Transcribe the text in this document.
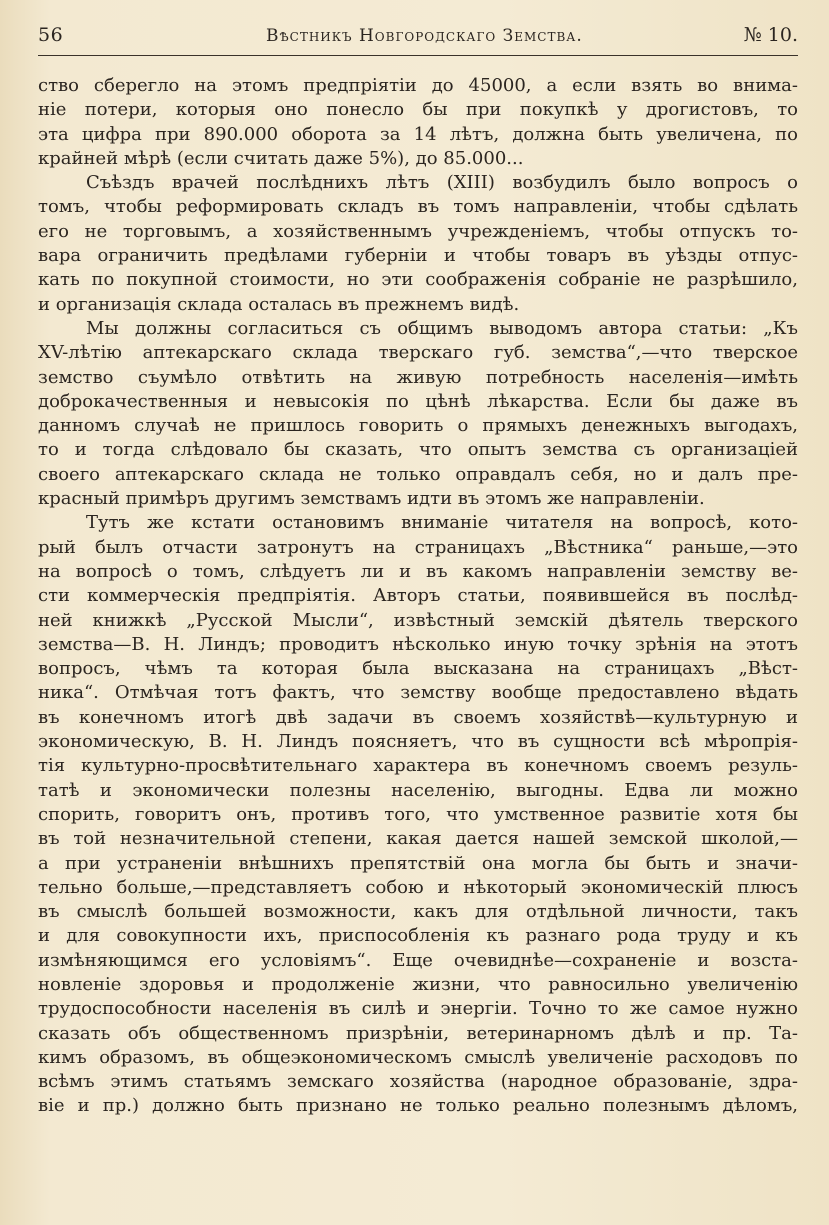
56	Вѣстникъ Новгородскаго Земства.	№ 10.
ство сберегло на этомъ предпріятіи до 45000, а если взять во внима-
ніе потери, которыя оно понесло бы при покупкѣ у дрогистовъ, то
эта цифра при 890.000 оборота за 14 лѣтъ, должна быть увеличена, по
крайней мѣрѣ (если считать даже 5%), до 85.000...
Съѣздъ врачей послѣднихъ лѣтъ (XIII) возбудилъ было вопросъ о
томъ, чтобы реформировать складъ въ томъ направленіи, чтобы сдѣлать
его не торговымъ, а хозяйственнымъ учрежденіемъ, чтобы отпускъ то-
вара ограничить предѣлами губерніи и чтобы товаръ въ уѣзды отпус-
кать по покупной стоимости, но эти соображенія собраніе не разрѣшило,
и организація склада осталась въ прежнемъ видѣ.
Мы должны согласиться съ общимъ выводомъ автора статьи: „Къ
XV-лѣтію аптекарскаго склада тверскаго губ. земства“,—что тверское
земство съумѣло отвѣтить на живую потребность населенія—имѣть
доброкачественныя и невысокія по цѣнѣ лѣкарства. Если бы даже въ
данномъ случаѣ не пришлось говорить о прямыхъ денежныхъ выгодахъ,
то и тогда слѣдовало бы сказать, что опытъ земства съ организаціей
своего аптекарскаго склада не только оправдалъ себя, но и далъ пре-
красный примѣръ другимъ земствамъ идти въ этомъ же направленіи.
Тутъ же кстати остановимъ вниманіе читателя на вопросѣ, кото-
рый былъ отчасти затронутъ на страницахъ „Вѣстника“ раньше,—это
на вопросѣ о томъ, слѣдуетъ ли и въ какомъ направленіи земству ве-
сти коммерческія предпріятія. Авторъ статьи, появившейся въ послѣд-
ней книжкѣ „Русской Мысли“, извѣстный земскій дѣятель тверского
земства—В. Н. Линдъ; проводитъ нѣсколько иную точку зрѣнія на этотъ
вопросъ, чѣмъ та которая была высказана на страницахъ „Вѣст-
ника“. Отмѣчая тотъ фактъ, что земству вообще предоставлено вѣдать
въ конечномъ итогѣ двѣ задачи въ своемъ хозяйствѣ—культурную и
экономическую, В. Н. Линдъ поясняетъ, что въ сущности всѣ мѣропрія-
тія культурно-просвѣтительнаго характера въ конечномъ своемъ резуль-
татѣ и экономически полезны населенію, выгодны. Едва ли можно
спорить, говоритъ онъ, противъ того, что умственное развитіе хотя бы
въ той незначительной степени, какая дается нашей земской школой,—
а при устраненіи внѣшнихъ препятствій она могла бы быть и значи-
тельно больше,—представляетъ собою и нѣкоторый экономическій плюсъ
въ смыслѣ большей возможности, какъ для отдѣльной личности, такъ
и для совокупности ихъ, приспособленія къ разнаго рода труду и къ
измѣняющимся его условіямъ“. Еще очевиднѣе—сохраненіе и возста-
новленіе здоровья и продолженіе жизни, что равносильно увеличенію
трудоспособности населенія въ силѣ и энергіи. Точно то же самое нужно
сказать объ общественномъ призрѣніи, ветеринарномъ дѣлѣ и пр. Та-
кимъ образомъ, въ общеэкономическомъ смыслѣ увеличеніе расходовъ по
всѣмъ этимъ статьямъ земскаго хозяйства (народное образованіе, здра-
віе и пр.) должно быть признано не только реально полезнымъ дѣломъ,
